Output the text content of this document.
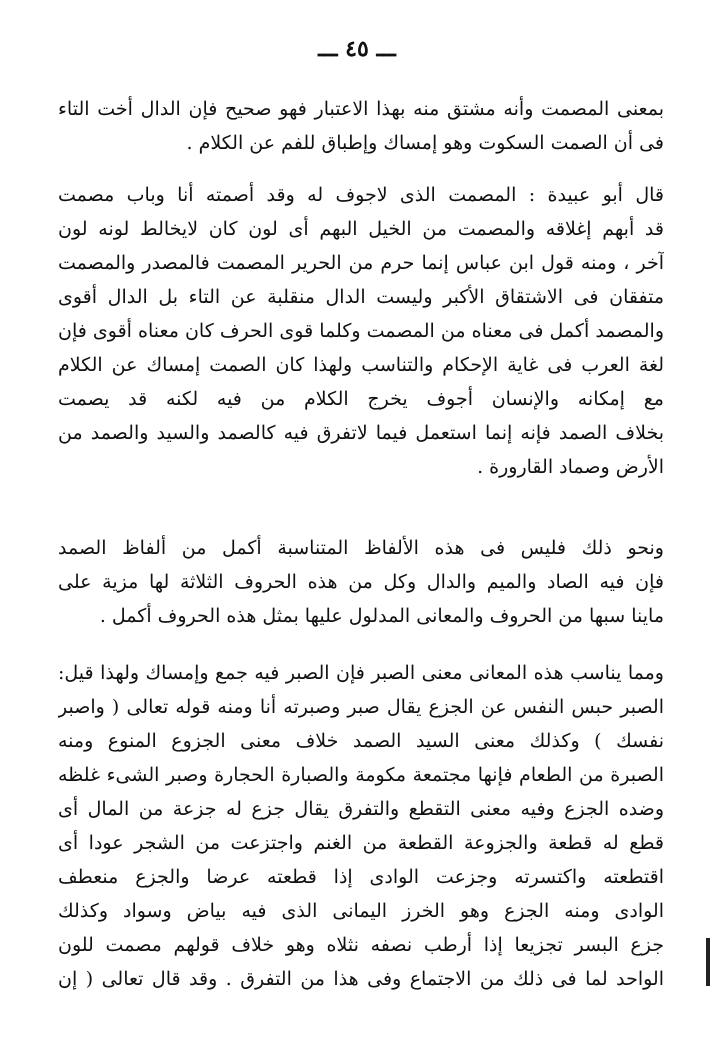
ـــ ٤٥ ـــ
بمعنى المصمت وأنه مشتق منه بهذا الاعتبار فهو صحيح فإن الدال أخت التاء
فى أن الصمت السكوت وهو إمساك وإطباق للفم عن الكلام .
قال أبو عبيدة : المصمت الذى لاجوف له وقد أصمته أنا وباب مصمت
قد أبهم إغلاقه والمصمت من الخيل البهم أى لون كان لايخالط لونه لون
آخر ، ومنه قول ابن عباس إنما حرم من الحرير المصمت فالمصدر والمصمت
متفقان فى الاشتقاق الأكبر وليست الدال منقلبة عن التاء بل الدال أقوى
والمصمد أكمل فى معناه من المصمت وكلما قوى الحرف كان معناه أقوى فإن
لغة العرب فى غاية الإحكام والتناسب ولهذا كان الصمت إمساك عن الكلام
مع إمكانه والإنسان أجوف يخرج الكلام من فيه لكنه قد يصمت
بخلاف الصمد فإنه إنما استعمل فيما لاتفرق فيه كالصمد والسيد والصمد من
الأرض وصماد القارورة .
ونحو ذلك فليس فى هذه الألفاظ المتناسبة أكمل من ألفاظ الصمد
فإن فيه الصاد والميم والدال وكل من هذه الحروف الثلاثة لها مزية على
ماينا سبها من الحروف والمعانى المدلول عليها بمثل هذه الحروف أكمل .
ومما يناسب هذه المعانى معنى الصبر فإن الصبر فيه جمع وإمساك ولهذا قيل:
الصبر حبس النفس عن الجزع يقال صبر وصبرته أنا ومنه قوله تعالى ( واصبر
نفسك ) وكذلك معنى السيد الصمد خلاف معنى الجزوع المنوع ومنه
الصبرة من الطعام فإنها مجتمعة مكومة والصبارة الحجارة وصبر الشىء غلظه
وضده الجزع وفيه معنى التقطع والتفرق يقال جزع له جزعة من المال أى
قطع له قطعة والجزوعة القطعة من الغنم واجتزعت من الشجر عودا أى
اقتطعته واكتسرته وجزعت الوادى إذا قطعته عرضا والجزع منعطف
الوادى ومنه الجزع وهو الخرز اليمانى الذى فيه بياض وسواد وكذلك
جزع البسر تجزيعا إذا أرطب نصفه نثلاه وهو خلاف قولهم مصمت للون
الواحد لما فى ذلك من الاجتماع وفى هذا من التفرق . وقد قال تعالى ( إن
